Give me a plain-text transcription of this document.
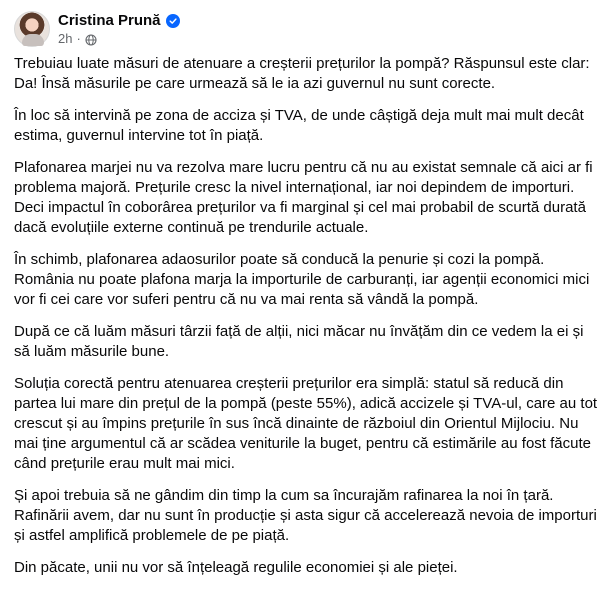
Cristina Prună
2h ·

Trebuiau luate măsuri de atenuare a creșterii prețurilor la pompă? Răspunsul este clar: Da! Însă măsurile pe care urmează să le ia azi guvernul nu sunt corecte.

În loc să intervină pe zona de acciza și TVA, de unde câștigă deja mult mai mult decât estima, guvernul intervine tot în piață.

Plafonarea marjei nu va rezolva mare lucru pentru că nu au existat semnale că aici ar fi problema majoră. Prețurile cresc la nivel internațional, iar noi depindem de importuri. Deci impactul în coborârea prețurilor va fi marginal și cel mai probabil de scurtă durată dacă evoluțiile externe continuă pe trendurile actuale.

În schimb, plafonarea adaosurilor poate să conducă la penurie și cozi la pompă. România nu poate plafona marja la importurile de carburanți, iar agenții economici mici vor fi cei care vor suferi pentru că nu va mai renta să vândă la pompă.

După ce că luăm măsuri târzii față de alții, nici măcar nu învățăm din ce vedem la ei și să luăm măsurile bune.

Soluția corectă pentru atenuarea creșterii prețurilor era simplă: statul să reducă din partea lui mare din prețul de la pompă (peste 55%), adică accizele și TVA-ul, care au tot crescut și au împins prețurile în sus încă dinainte de războiul din Orientul Mijlociu. Nu mai ține argumentul că ar scădea veniturile la buget, pentru că estimările au fost făcute când prețurile erau mult mai mici.

Și apoi trebuia să ne gândim din timp la cum sa încurajăm rafinarea la noi în țară. Rafinării avem, dar nu sunt în producție și asta sigur că accelerează nevoia de importuri și astfel amplifică problemele de pe piață.

Din păcate, unii nu vor să înțeleagă regulile economiei și ale pieței.
